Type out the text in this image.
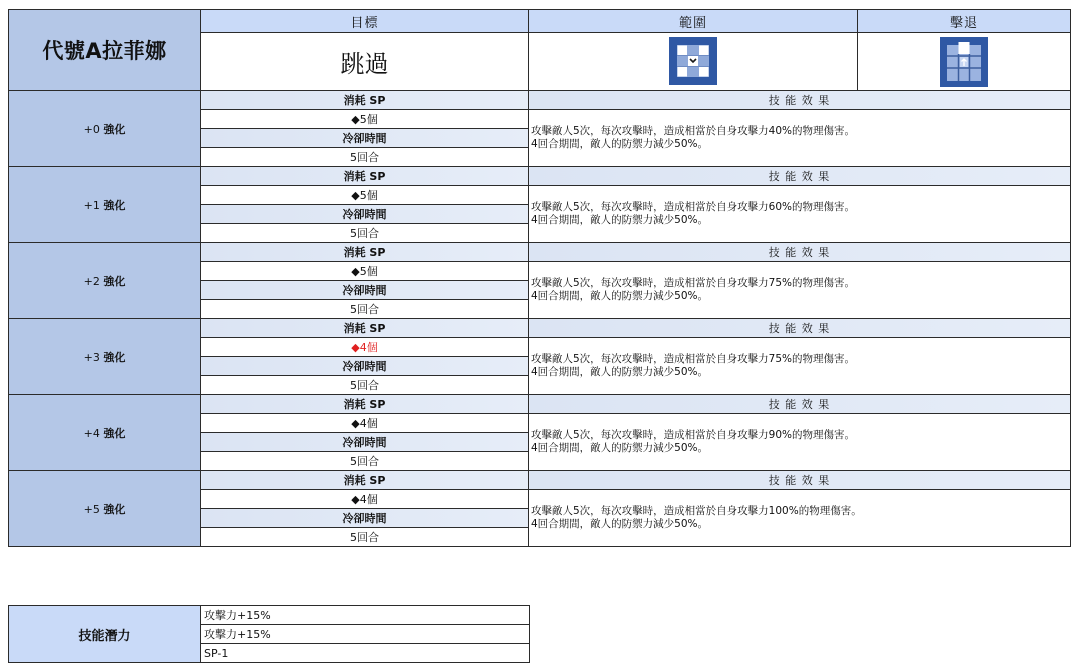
代號A拉菲娜	目標	範圍	擊退
	跳過	

+0 強化	消耗 SP	技 能 效 果	
	◆5個	攻擊敵人5次，每次攻擊時，造成相當於自身攻擊力40%的物理傷害。
4回合期間，敵人的防禦力減少50%。	

	冷卻時間		
	5回合		
+1 強化	消耗 SP	技 能 效 果	
	◆5個	攻擊敵人5次，每次攻擊時，造成相當於自身攻擊力60%的物理傷害。
4回合期間，敵人的防禦力減少50%。	

	冷卻時間		
	5回合		
+2 強化	消耗 SP	技 能 效 果	
	◆5個	攻擊敵人5次，每次攻擊時，造成相當於自身攻擊力75%的物理傷害。
4回合期間，敵人的防禦力減少50%。	

	冷卻時間		
	5回合		
+3 強化	消耗 SP	技 能 效 果	
	◆4個	攻擊敵人5次，每次攻擊時，造成相當於自身攻擊力75%的物理傷害。
4回合期間，敵人的防禦力減少50%。	

	冷卻時間		
	5回合		
+4 強化	消耗 SP	技 能 效 果	
	◆4個	攻擊敵人5次，每次攻擊時，造成相當於自身攻擊力90%的物理傷害。
4回合期間，敵人的防禦力減少50%。	

	冷卻時間		
	5回合		
+5 強化	消耗 SP	技 能 效 果	
	◆4個	攻擊敵人5次，每次攻擊時，造成相當於自身攻擊力100%的物理傷害。
4回合期間，敵人的防禦力減少50%。	

	冷卻時間		
	5回合		
技能潛力	攻擊力+15%
攻擊力+15%
SP-1
